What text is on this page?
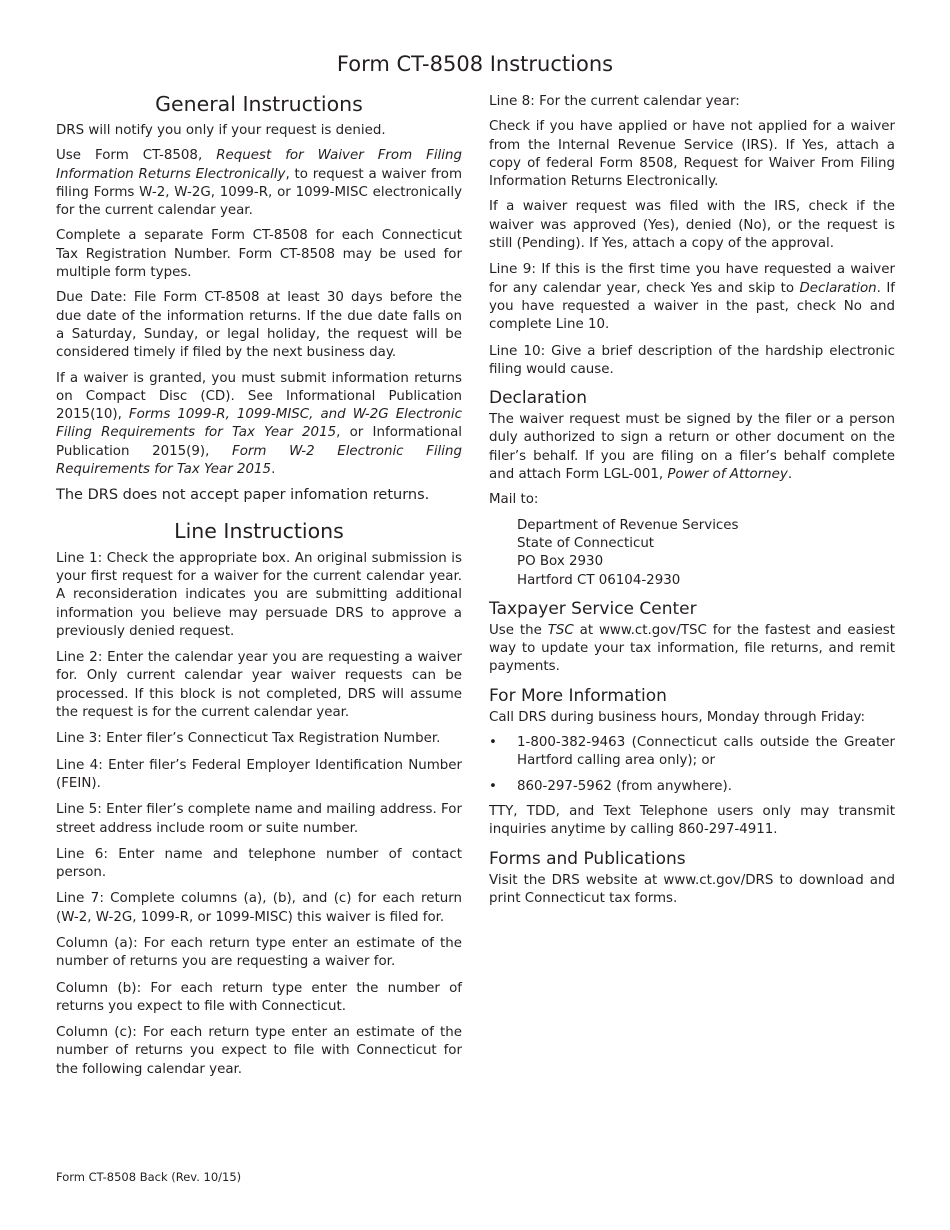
Form CT-8508 Instructions
General Instructions

DRS will notify you only if your request is denied.

Use Form CT-8508, Request for Waiver From Filing Information Returns Electronically, to request a waiver from filing Forms W-2, W-2G, 1099-R, or 1099-MISC electronically for the current calendar year.

Complete a separate Form CT-8508 for each Connecticut Tax Registration Number. Form CT-8508 may be used for multiple form types.

Due Date: File Form CT-8508 at least 30 days before the due date of the information returns. If the due date falls on a Saturday, Sunday, or legal holiday, the request will be considered timely if filed by the next business day.

If a waiver is granted, you must submit information returns on Compact Disc (CD). See Informational Publication 2015(10), Forms 1099-R, 1099-MISC, and W-2G Electronic Filing Requirements for Tax Year 2015, or Informational Publication 2015(9), Form W-2 Electronic Filing Requirements for Tax Year 2015.

The DRS does not accept paper infomation returns.

Line Instructions

Line 1: Check the appropriate box. An original submission is your first request for a waiver for the current calendar year. A reconsideration indicates you are submitting additional information you believe may persuade DRS to approve a previously denied request.

Line 2: Enter the calendar year you are requesting a waiver for. Only current calendar year waiver requests can be processed. If this block is not completed, DRS will assume the request is for the current calendar year.

Line 3: Enter filer’s Connecticut Tax Registration Number.

Line 4: Enter filer’s Federal Employer Identification Number (FEIN).

Line 5: Enter filer’s complete name and mailing address. For street address include room or suite number.

Line 6: Enter name and telephone number of contact person.

Line 7: Complete columns (a), (b), and (c) for each return (W-2, W-2G, 1099-R, or 1099-MISC) this waiver is filed for.

Column (a): For each return type enter an estimate of the number of returns you are requesting a waiver for.

Column (b): For each return type enter the number of returns you expect to file with Connecticut.

Column (c): For each return type enter an estimate of the number of returns you expect to file with Connecticut for the following calendar year.

Line 8: For the current calendar year:

Check if you have applied or have not applied for a waiver from the Internal Revenue Service (IRS). If Yes, attach a copy of federal Form 8508, Request for Waiver From Filing Information Returns Electronically.

If a waiver request was filed with the IRS, check if the waiver was approved (Yes), denied (No), or the request is still (Pending). If Yes, attach a copy of the approval.

Line 9: If this is the first time you have requested a waiver for any calendar year, check Yes and skip to Declaration. If you have requested a waiver in the past, check No and complete Line 10.

Line 10: Give a brief description of the hardship electronic filing would cause.

Declaration

The waiver request must be signed by the filer or a person duly authorized to sign a return or other document on the filer’s behalf. If you are filing on a filer’s behalf complete and attach Form LGL-001, Power of Attorney.

Mail to:

Department of Revenue Services
State of Connecticut
PO Box 2930
Hartford CT 06104-2930
Taxpayer Service Center

Use the TSC at www.ct.gov/TSC for the fastest and easiest way to update your tax information, file returns, and remit payments.

For More Information

Call DRS during business hours, Monday through Friday:

• 1-800-382-9463 (Connecticut calls outside the Greater Hartford calling area only); or
• 860-297-5962 (from anywhere).

TTY, TDD, and Text Telephone users only may transmit inquiries anytime by calling 860-297-4911.

Forms and Publications

Visit the DRS website at www.ct.gov/DRS to download and print Connecticut tax forms.

Form CT-8508 Back (Rev. 10/15)
